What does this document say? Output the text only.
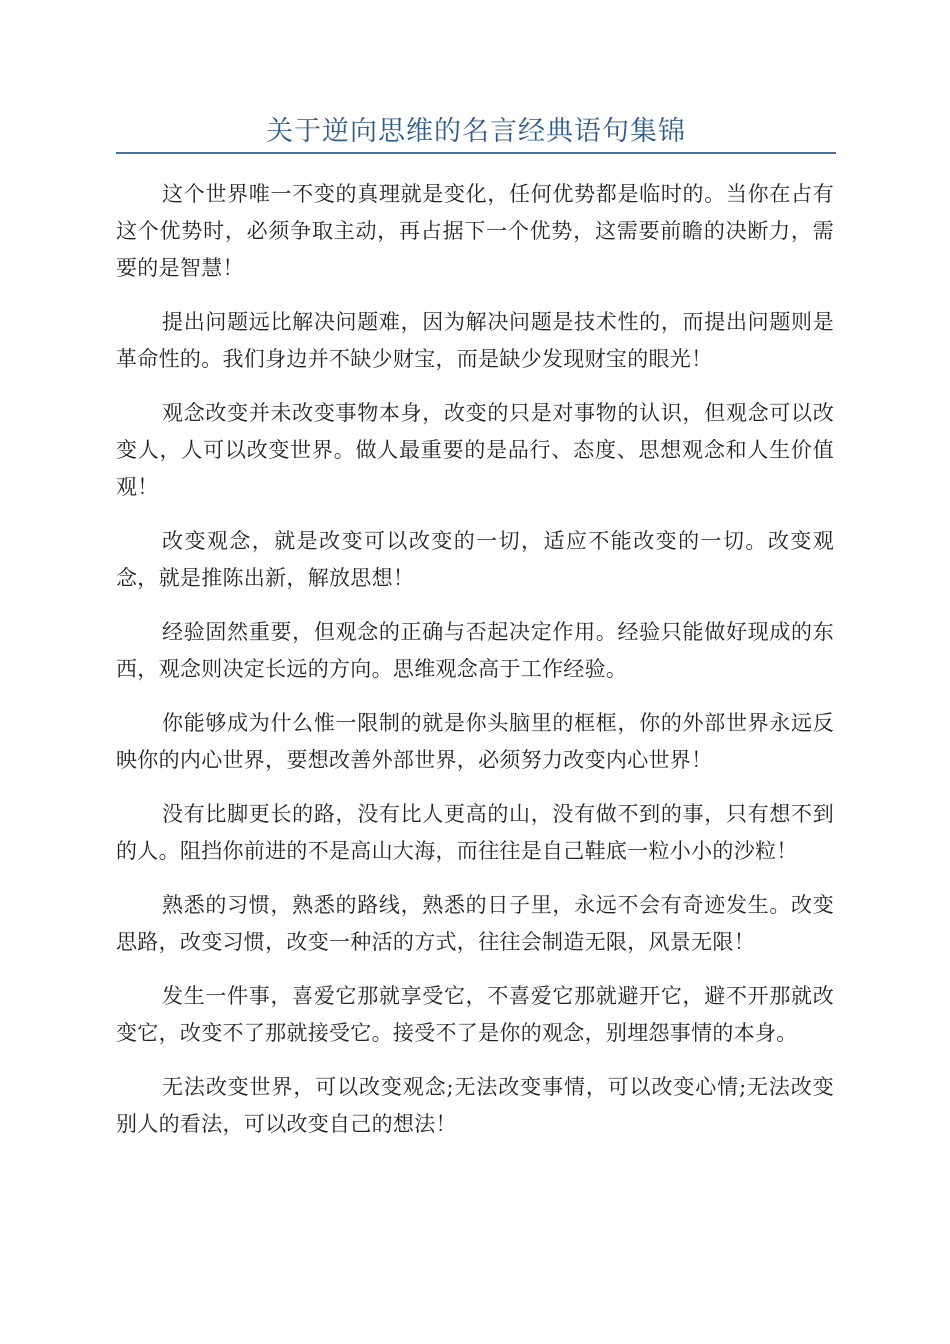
关于逆向思维的名言经典语句集锦

这个世界唯一不变的真理就是变化，任何优势都是临时的。当你在占有这个优势时，必须争取主动，再占据下一个优势，这需要前瞻的决断力，需要的是智慧！

提出问题远比解决问题难，因为解决问题是技术性的，而提出问题则是革命性的。我们身边并不缺少财宝，而是缺少发现财宝的眼光！

观念改变并未改变事物本身，改变的只是对事物的认识，但观念可以改变人，人可以改变世界。做人最重要的是品行、态度、思想观念和人生价值观！

改变观念，就是改变可以改变的一切，适应不能改变的一切。改变观念，就是推陈出新，解放思想！

经验固然重要，但观念的正确与否起决定作用。经验只能做好现成的东西，观念则决定长远的方向。思维观念高于工作经验。

你能够成为什么惟一限制的就是你头脑里的框框，你的外部世界永远反映你的内心世界，要想改善外部世界，必须努力改变内心世界！

没有比脚更长的路，没有比人更高的山，没有做不到的事，只有想不到的人。阻挡你前进的不是高山大海，而往往是自己鞋底一粒小小的沙粒！

熟悉的习惯，熟悉的路线，熟悉的日子里，永远不会有奇迹发生。改变思路，改变习惯，改变一种活的方式，往往会制造无限，风景无限！

发生一件事，喜爱它那就享受它，不喜爱它那就避开它，避不开那就改变它，改变不了那就接受它。接受不了是你的观念，别埋怨事情的本身。

无法改变世界，可以改变观念;无法改变事情，可以改变心情;无法改变别人的看法，可以改变自己的想法！
